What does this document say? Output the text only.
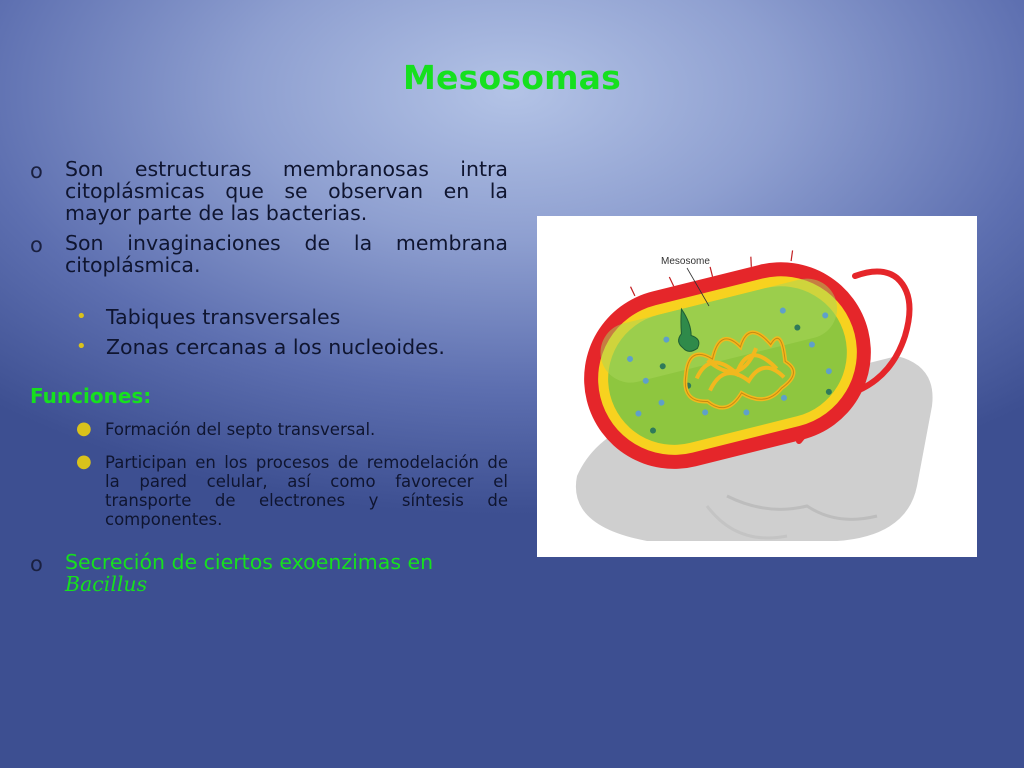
Mesosomas
o Son estructuras membranosas intra citoplásmicas que se observan en la mayor parte de las bacterias.
o Son invaginaciones de la membrana citoplásmica.
• Tabiques transversales
• Zonas cercanas a los nucleoides.
Funciones:
● Formación del septo transversal.
● Participan en los procesos de remodelación de la pared celular, así como favorecer el transporte de electrones y síntesis de componentes.
o Secreción de ciertos exoenzimas en
Bacillus
Mesosome
